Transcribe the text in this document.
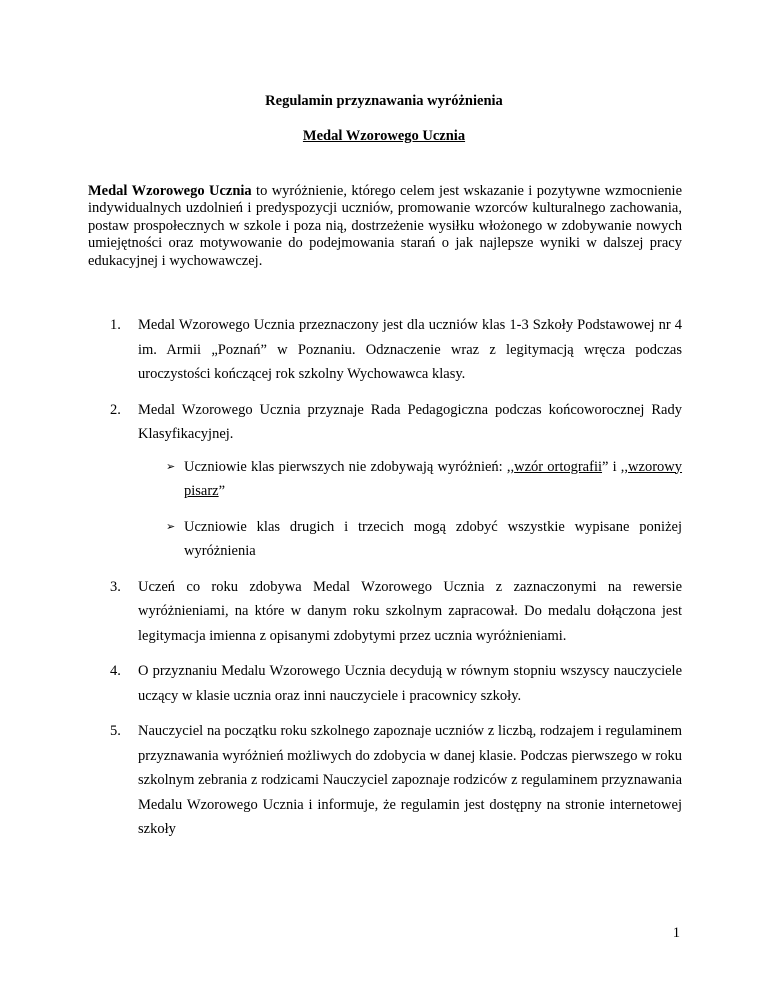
Regulamin przyznawania wyróżnienia

Medal Wzorowego Ucznia

Medal Wzorowego Ucznia to wyróżnienie, którego celem jest wskazanie i pozytywne wzmocnienie indywidualnych uzdolnień i predyspozycji uczniów, promowanie wzorców kulturalnego zachowania, postaw prospołecznych w szkole i poza nią, dostrzeżenie wysiłku włożonego w zdobywanie nowych umiejętności oraz motywowanie do podejmowania starań o jak najlepsze wyniki w dalszej pracy edukacyjnej i wychowawczej.

1. Medal Wzorowego Ucznia przeznaczony jest dla uczniów klas 1-3 Szkoły Podstawowej nr 4 im. Armii „Poznań” w Poznaniu. Odznaczenie wraz z legitymacją wręcza podczas uroczystości kończącej rok szkolny Wychowawca klasy.
2. Medal Wzorowego Ucznia przyznaje Rada Pedagogiczna podczas końcoworocznej Rady Klasyfikacyjnej.
➢ Uczniowie klas pierwszych nie zdobywają wyróżnień: ,,wzór ortografii” i ,,wzorowy pisarz”
➢ Uczniowie klas drugich i trzecich mogą zdobyć wszystkie wypisane poniżej wyróżnienia
3. Uczeń co roku zdobywa Medal Wzorowego Ucznia z zaznaczonymi na rewersie wyróżnieniami, na które w danym roku szkolnym zapracował. Do medalu dołączona jest legitymacja imienna z opisanymi zdobytymi przez ucznia wyróżnieniami.
4. O przyznaniu Medalu Wzorowego Ucznia decydują w równym stopniu wszyscy nauczyciele uczący w klasie ucznia oraz inni nauczyciele i pracownicy szkoły.
5. Nauczyciel na początku roku szkolnego zapoznaje uczniów z liczbą, rodzajem i regulaminem przyznawania wyróżnień możliwych do zdobycia w danej klasie. Podczas pierwszego w roku szkolnym zebrania z rodzicami Nauczyciel zapoznaje rodziców z regulaminem przyznawania Medalu Wzorowego Ucznia i informuje, że regulamin jest dostępny na stronie internetowej szkoły

1
